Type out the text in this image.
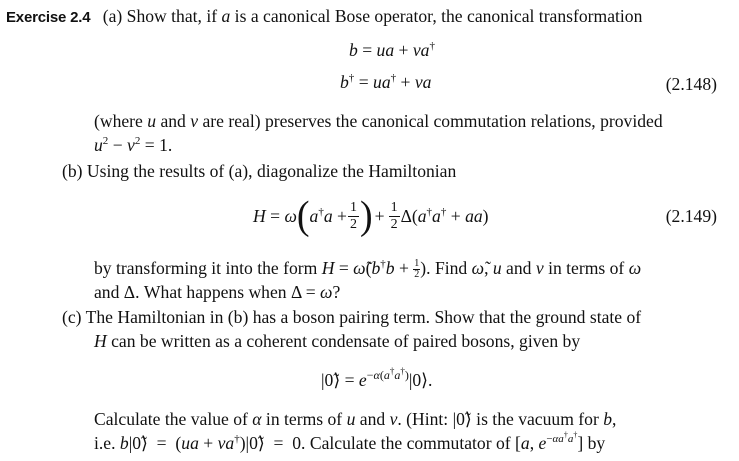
Exercise 2.4 (a) Show that, if a is a canonical Bose operator, the canonical transformation
b = ua + va†
b† = ua† + va	(2.148)
(where u and v are real) preserves the canonical commutation relations, provided
$u^2 - v^2 = 1$.
(b) Using the results of (a), diagonalize the Hamiltonian
H = ω ( $a^\dagger a + \frac{1}{2}$ ) + $\frac{1}{2} \Delta(a^\dagger a^\dagger + aa)$	(2.149)
by transforming it into the form H = ω̃(b†b + $\frac{1}{2}$ ). Find ω̃, u and v in terms of ω
and Δ. What happens when Δ = ω?
(c) The Hamiltonian in (b) has a boson pairing term. Show that the ground state of
H can be written as a coherent condensate of paired bosons, given by
|0̃⟩ = $e^{-\alpha(a^\dagger a^\dagger)}|0⟩$.
Calculate the value of α in terms of u and v. (Hint: |0̃⟩ is the vacuum for b,
i.e. b|0̃⟩  =  (ua + va†)|0̃⟩  =  0. Calculate the commutator of [a, $e^{-\alpha a^\dagger a^\dagger}$] by
